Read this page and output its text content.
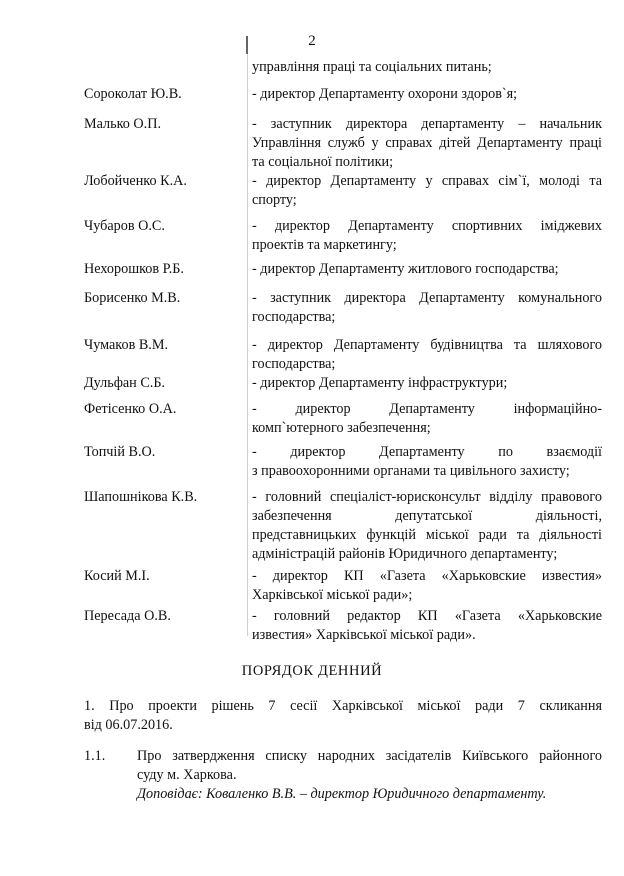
2
управління праці та соціальних питань;
Сороколат Ю.В.	- директор Департаменту охорони здоров`я;
Малько О.П.	- заступник директора департаменту – начальник
Управління служб у справах дітей Департаменту праці
та соціальної політики;
Лобойченко К.А.	- директор Департаменту у справах сім`ї, молоді та
спорту;
Чубаров О.С.	- директор Департаменту спортивних іміджевих
проектів та маркетингу;
Нехорошков Р.Б.	- директор Департаменту житлового господарства;
Борисенко М.В.	- заступник директора Департаменту комунального
господарства;
Чумаков В.М.	- директор Департаменту будівництва та шляхового
господарства;
Дульфан С.Б.	- директор Департаменту інфраструктури;
Фетісенко О.А.	- директор Департаменту інформаційно-
комп`ютерного забезпечення;
Топчій В.О.	- директор Департаменту по взаємодії
з правоохоронними органами та цивільного захисту;
Шапошнікова К.В.	- головний спеціаліст-юрисконсульт відділу правового
забезпечення депутатської діяльності,
представницьких функцій міської ради та діяльності
адміністрацій районів Юридичного департаменту;
Косий М.І.	- директор КП «Газета «Харьковские известия»
Харківської міської ради»;
Пересада О.В.	- головний редактор КП «Газета «Харьковские
известия» Харківської міської ради».
ПОРЯДОК ДЕННИЙ
1. Про проекти рішень 7 сесії Харківської міської ради 7 скликання
від 06.07.2016.
1.1. Про затвердження списку народних засідателів Київського районного
суду м. Харкова.
Доповідає: Коваленко В.В. – директор Юридичного департаменту.
